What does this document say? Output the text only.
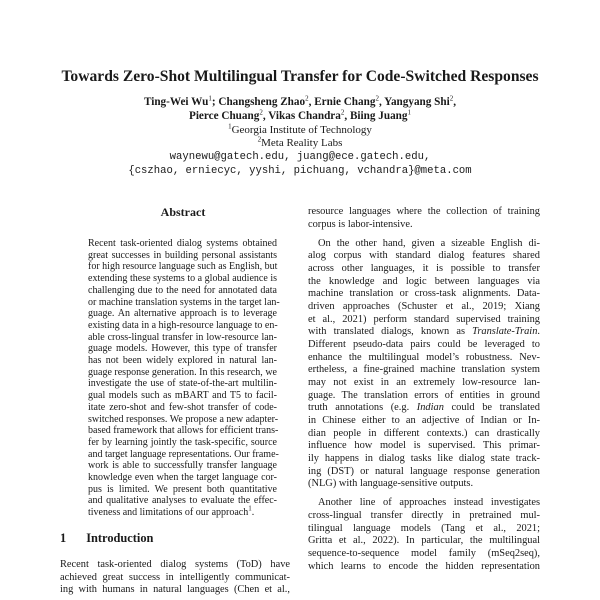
Towards Zero-Shot Multilingual Transfer for Code-Switched Responses
Ting-Wei Wu$^1$; Changsheng Zhao$^2$, Ernie Chang$^2$, Yangyang Shi$^2$,
Pierce Chuang$^2$, Vikas Chandra$^2$, Biing Juang$^1$
$^1$Georgia Institute of Technology
$^2$Meta Reality Labs
waynewu@gatech.edu, juang@ece.gatech.edu,
{cszhao, erniecyc, yyshi, pichuang, vchandra}@meta.com
Abstract
Recent task-oriented dialog systems obtained
great successes in building personal assistants
for high resource language such as English, but
extending these systems to a global audience is
challenging due to the need for annotated data
or machine translation systems in the target lan-
guage. An alternative approach is to leverage
existing data in a high-resource language to en-
able cross-lingual transfer in low-resource lan-
guage models. However, this type of transfer
has not been widely explored in natural lan-
guage response generation. In this research, we
investigate the use of state-of-the-art multilin-
gual models such as mBART and T5 to facil-
itate zero-shot and few-shot transfer of code-
switched responses. We propose a new adapter-
based framework that allows for efficient trans-
fer by learning jointly the task-specific, source
and target language representations. Our frame-
work is able to successfully transfer language
knowledge even when the target language cor-
pus is limited. We present both quantitative
and qualitative analyses to evaluate the effec-
tiveness and limitations of our approach$^1$.
1 Introduction
Recent task-oriented dialog systems (ToD) have
achieved great success in intelligently communicat-
ing with humans in natural languages (Chen et al.,
resource languages where the collection of training
corpus is labor-intensive.
On the other hand, given a sizeable English di-
alog corpus with standard dialog features shared
across other languages, it is possible to transfer
the knowledge and logic between languages via
machine translation or cross-task alignments. Data-
driven approaches (Schuster et al., 2019; Xiang
et al., 2021) perform standard supervised training
with translated dialogs, known as Translate-Train.
Different pseudo-data pairs could be leveraged to
enhance the multilingual model’s robustness. Nev-
ertheless, a fine-grained machine translation system
may not exist in an extremely low-resource lan-
guage. The translation errors of entities in ground
truth annotations (e.g. Indian could be translated
in Chinese either to an adjective of Indian or In-
dian people in different contexts.) can drastically
influence how model is supervised. This primar-
ily happens in dialog tasks like dialog state track-
ing (DST) or natural language response generation
(NLG) with language-sensitive outputs.
Another line of approaches instead investigates
cross-lingual transfer directly in pretrained mul-
tilingual language models (Tang et al., 2021;
Gritta et al., 2022). In particular, the multilingual
sequence-to-sequence model family (mSeq2seq),
which learns to encode the hidden representation
